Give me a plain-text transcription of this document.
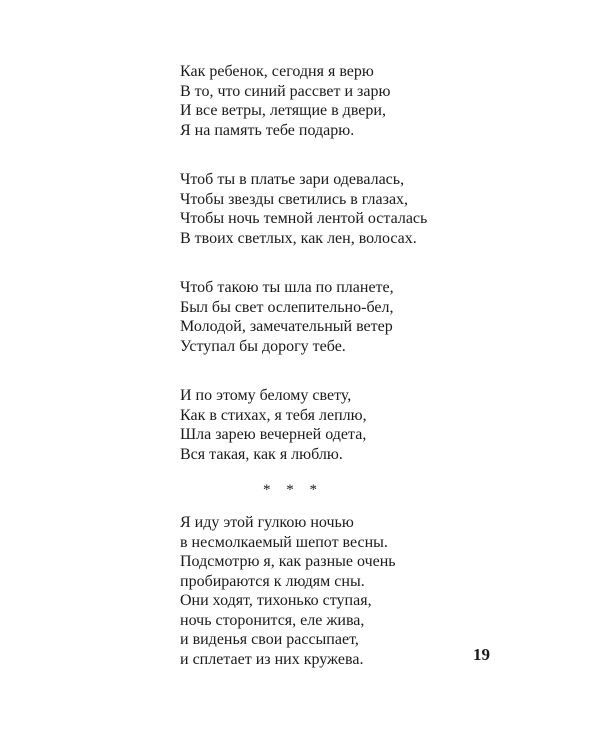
Как ребенок, сегодня я верю
В то, что синий рассвет и зарю
И все ветры, летящие в двери,
Я на память тебе подарю.
Чтоб ты в платье зари одевалась,
Чтобы звезды светились в глазах,
Чтобы ночь темной лентой осталась
В твоих светлых, как лен, волосах.
Чтоб такою ты шла по планете,
Был бы свет ослепительно-бел,
Молодой, замечательный ветер
Уступал бы дорогу тебе.
И по этому белому свету,
Как в стихах, я тебя леплю,
Шла зарею вечерней одета,
Вся такая, как я люблю.
* * *
Я иду этой гулкою ночью
в несмолкаемый шепот весны.
Подсмотрю я, как разные очень
пробираются к людям сны.
Они ходят, тихонько ступая,
ночь сторонится, еле жива,
и виденья свои рассыпает,
и сплетает из них кружева.	19
